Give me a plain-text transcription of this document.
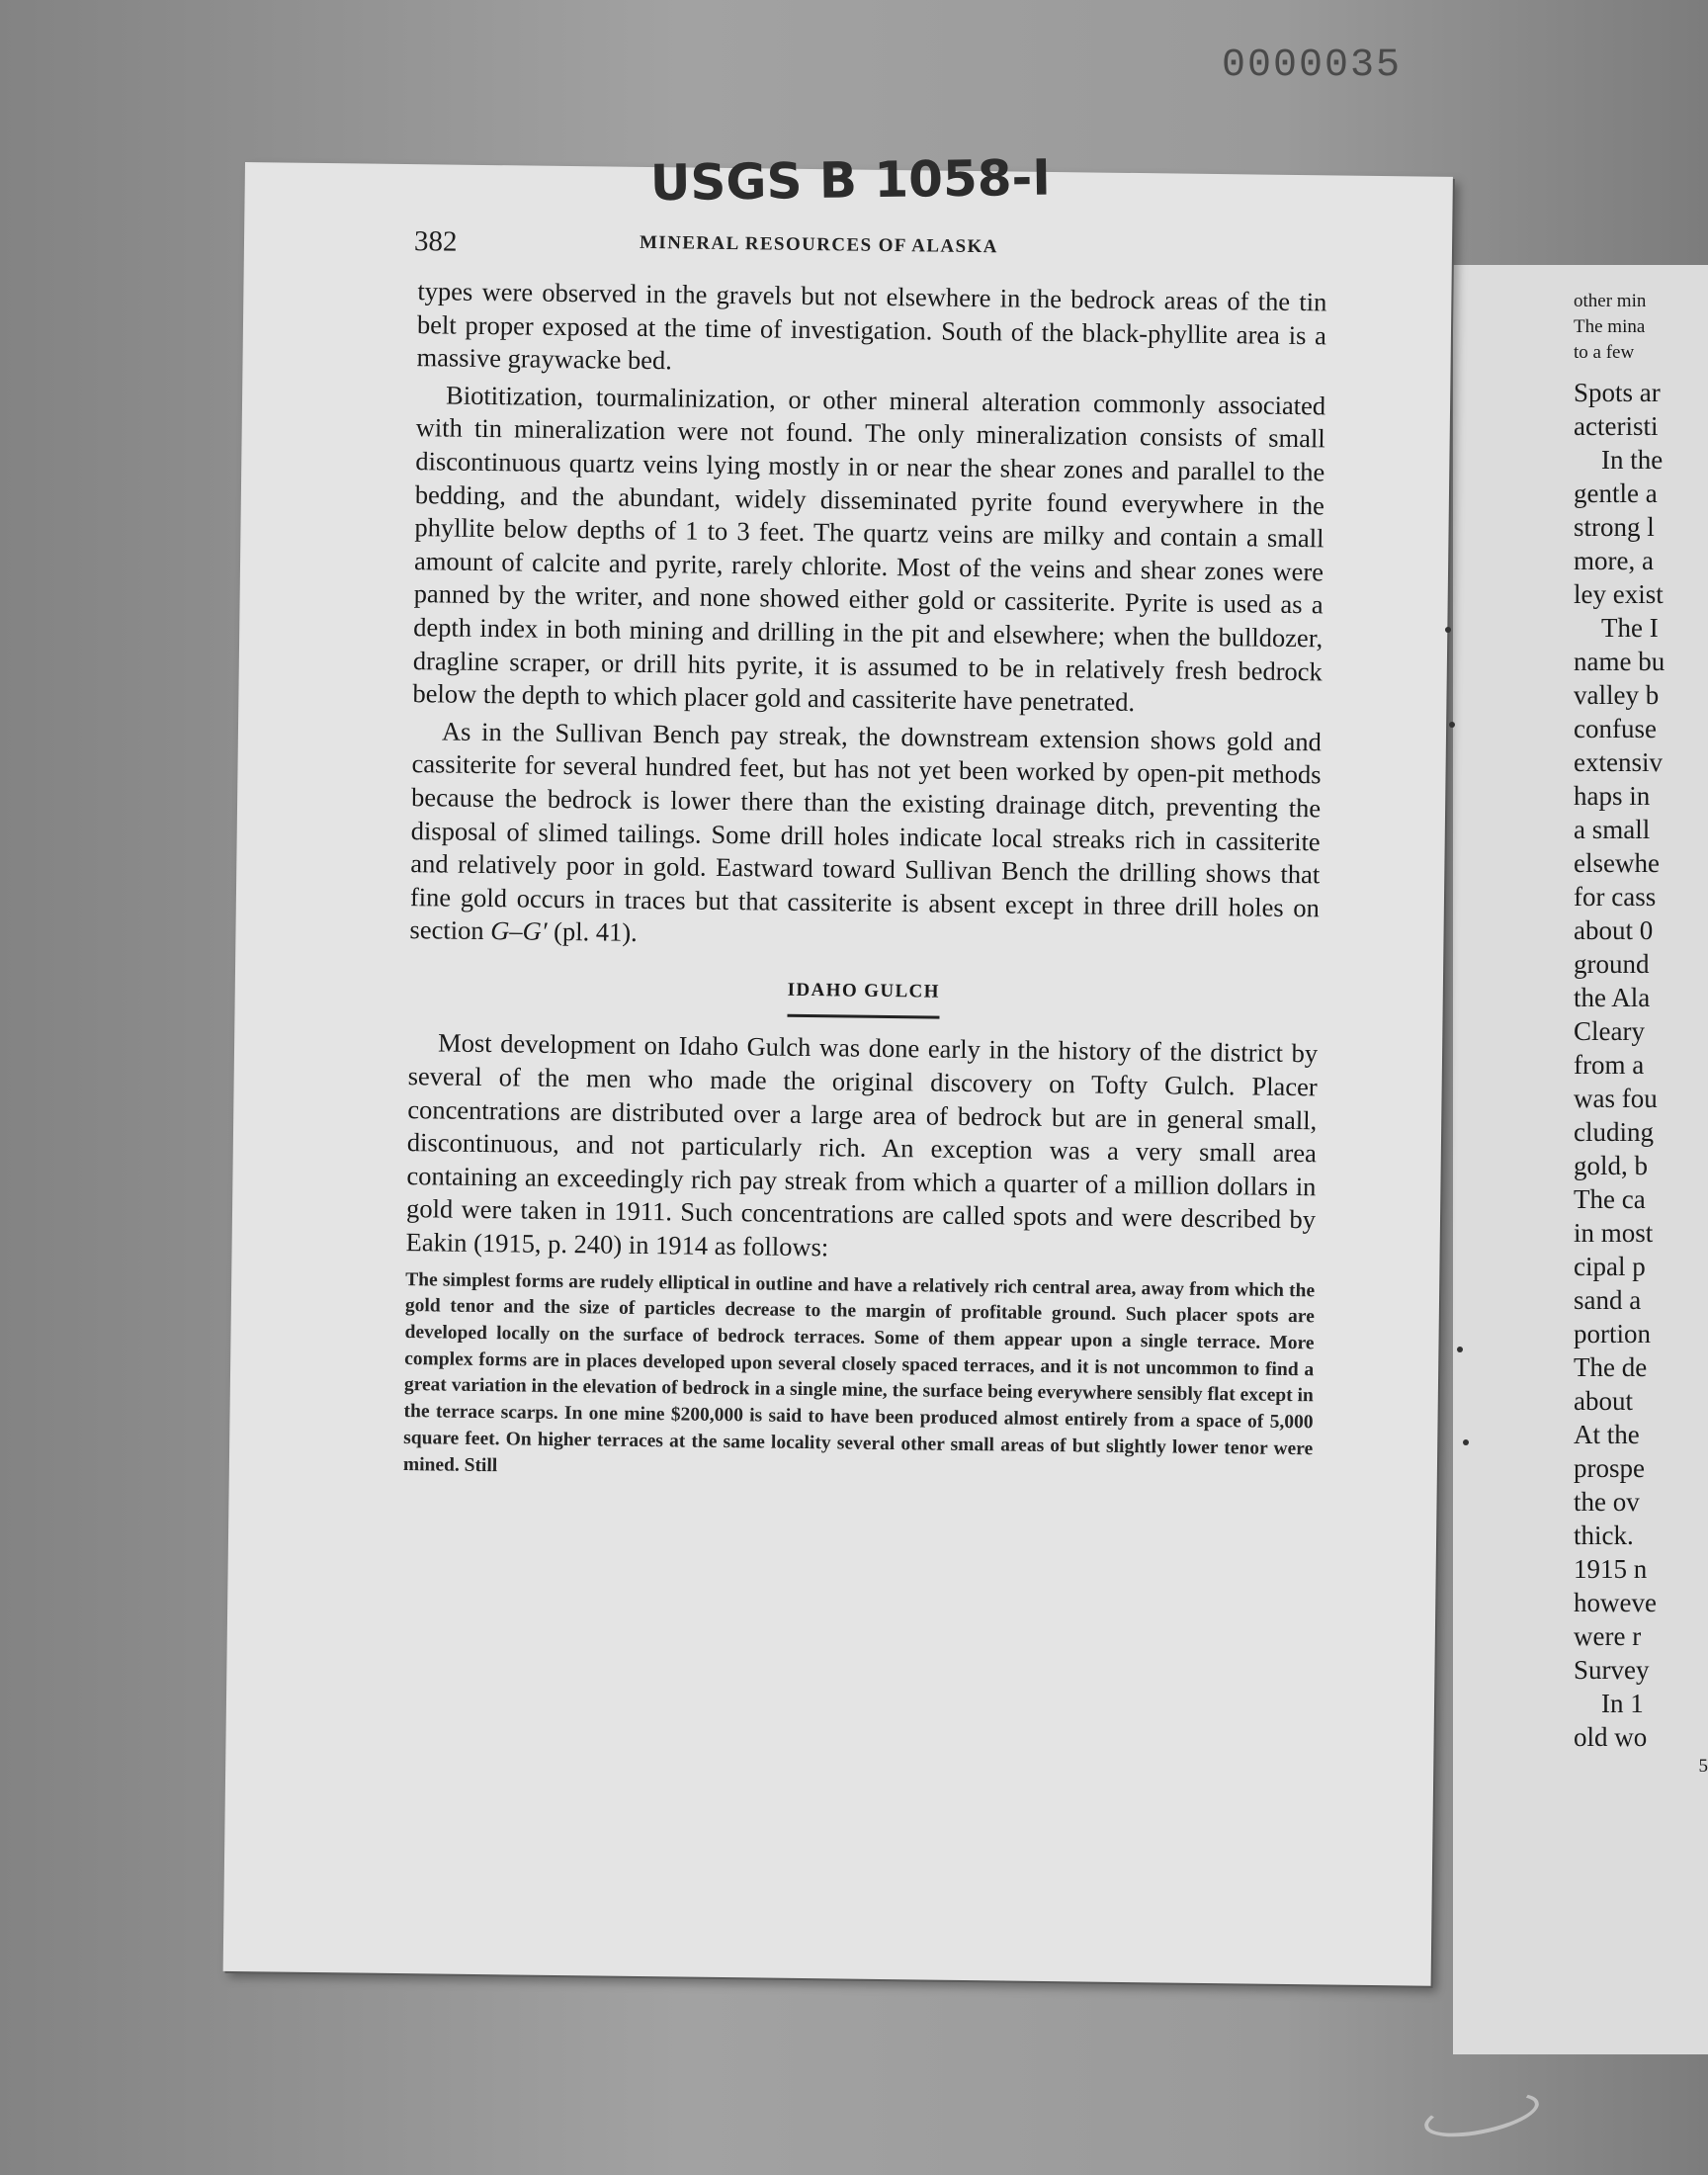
0000035
other min
The mina
to a few
Spots ar
acteristi
In the
gentle a
strong l
more, a
ley exist
The I
name bu
valley b
confuse
extensiv
haps in
a small
elsewhe
for cass
about 0
ground
the Ala
Cleary
from a
was fou
cluding
gold, b
The ca
in most
cipal p
sand a
portion
The de
about
At the
prospe
the ov
thick.
1915 n
howeve
were r
Survey
In 1
old wo
5
USGS B 1058-I
382	MINERAL RESOURCES OF ALASKA

types were observed in the gravels but not elsewhere in the bedrock areas of the tin belt proper exposed at the time of investigation. South of the black-phyllite area is a massive graywacke bed.

Biotitization, tourmalinization, or other mineral alteration commonly associated with tin mineralization were not found. The only mineralization consists of small discontinuous quartz veins lying mostly in or near the shear zones and parallel to the bedding, and the abundant, widely disseminated pyrite found everywhere in the phyllite below depths of 1 to 3 feet. The quartz veins are milky and contain a small amount of calcite and pyrite, rarely chlorite. Most of the veins and shear zones were panned by the writer, and none showed either gold or cassiterite. Pyrite is used as a depth index in both mining and drilling in the pit and elsewhere; when the bulldozer, dragline scraper, or drill hits pyrite, it is assumed to be in relatively fresh bedrock below the depth to which placer gold and cassiterite have penetrated.

As in the Sullivan Bench pay streak, the downstream extension shows gold and cassiterite for several hundred feet, but has not yet been worked by open-pit methods because the bedrock is lower there than the existing drainage ditch, preventing the disposal of slimed tailings. Some drill holes indicate local streaks rich in cassiterite and relatively poor in gold. Eastward toward Sullivan Bench the drilling shows that fine gold occurs in traces but that cassiterite is absent except in three drill holes on section G–G′ (pl. 41).

IDAHO GULCH

Most development on Idaho Gulch was done early in the history of the district by several of the men who made the original discovery on Tofty Gulch. Placer concentrations are distributed over a large area of bedrock but are in general small, discontinuous, and not particularly rich. An exception was a very small area containing an exceedingly rich pay streak from which a quarter of a million dollars in gold were taken in 1911. Such concentrations are called spots and were described by Eakin (1915, p. 240) in 1914 as follows:

The simplest forms are rudely elliptical in outline and have a relatively rich central area, away from which the gold tenor and the size of particles decrease to the margin of profitable ground. Such placer spots are developed locally on the surface of bedrock terraces. Some of them appear upon a single terrace. More complex forms are in places developed upon several closely spaced terraces, and it is not uncommon to find a great variation in the elevation of bedrock in a single mine, the surface being everywhere sensibly flat except in the terrace scarps. In one mine $200,000 is said to have been produced almost entirely from a space of 5,000 square feet. On higher terraces at the same locality several other small areas of but slightly lower tenor were mined. Still
